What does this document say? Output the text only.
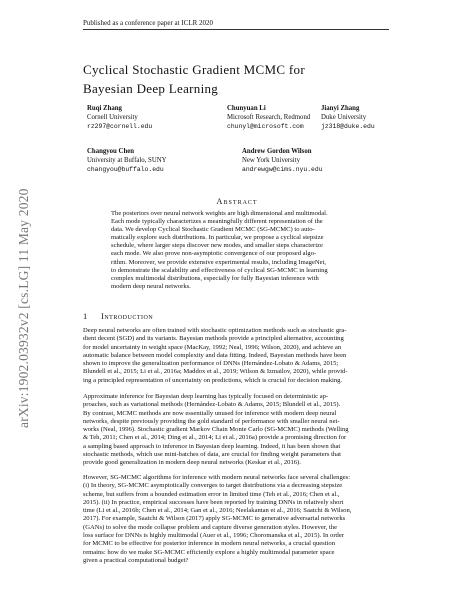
Published as a conference paper at ICLR 2020
arXiv:1902.03932v2 [cs.LG] 11 May 2020
Cyclical Stochastic Gradient MCMC for
Bayesian Deep Learning
Ruqi Zhang
Cornell University
rz297@cornell.edu
Chunyuan Li
Microsoft Research, Redmond
chunyl@microsoft.com
Jianyi Zhang
Duke University
jz318@duke.edu
Changyou Chen
University at Buffalo, SUNY
changyou@buffalo.edu
Andrew Gordon Wilson
New York University
andrewgw@cims.nyu.edu
Abstract
The posteriors over neural network weights are high dimensional and multimodal.
Each mode typically characterizes a meaningfully different representation of the
data. We develop Cyclical Stochastic Gradient MCMC (SG-MCMC) to auto-
matically explore such distributions. In particular, we propose a cyclical stepsize
schedule, where larger steps discover new modes, and smaller steps characterize
each mode. We also prove non-asymptotic convergence of our proposed algo-
rithm. Moreover, we provide extensive experimental results, including ImageNet,
to demonstrate the scalability and effectiveness of cyclical SG-MCMC in learning
complex multimodal distributions, especially for fully Bayesian inference with
modern deep neural networks.
1 Introduction
Deep neural networks are often trained with stochastic optimization methods such as stochastic gra-
dient decent (SGD) and its variants. Bayesian methods provide a principled alternative, accounting
for model uncertainty in weight space (MacKay, 1992; Neal, 1996; Wilson, 2020), and achieve an
automatic balance between model complexity and data fitting. Indeed, Bayesian methods have been
shown to improve the generalization performance of DNNs (Hernández-Lobato & Adams, 2015;
Blundell et al., 2015; Li et al., 2016a; Maddox et al., 2019; Wilson & Izmailov, 2020), while provid-
ing a principled representation of uncertainty on predictions, which is crucial for decision making.
Approximate inference for Bayesian deep learning has typically focused on deterministic ap-
proaches, such as variational methods (Hernández-Lobato & Adams, 2015; Blundell et al., 2015).
By contrast, MCMC methods are now essentially unused for inference with modern deep neural
networks, despite previously providing the gold standard of performance with smaller neural net-
works (Neal, 1996). Stochastic gradient Markov Chain Monte Carlo (SG-MCMC) methods (Welling
& Teh, 2011; Chen et al., 2014; Ding et al., 2014; Li et al., 2016a) provide a promising direction for
a sampling based approach to inference in Bayesian deep learning. Indeed, it has been shown that
stochastic methods, which use mini-batches of data, are crucial for finding weight parameters that
provide good generalization in modern deep neural networks (Keskar et al., 2016).
However, SG-MCMC algorithms for inference with modern neural networks face several challenges:
(i) In theory, SG-MCMC asymptotically converges to target distributions via a decreasing stepsize
scheme, but suffers from a bounded estimation error in limited time (Teh et al., 2016; Chen et al.,
2015). (ii) In practice, empirical successes have been reported by training DNNs in relatively short
time (Li et al., 2016b; Chen et al., 2014; Gan et al., 2016; Neelakantan et al., 2016; Saatchi & Wilson,
2017). For example, Saatchi & Wilson (2017) apply SG-MCMC to generative adversarial networks
(GANs) to solve the mode collapse problem and capture diverse generation styles. However, the
loss surface for DNNs is highly multimodal (Auer et al., 1996; Choromanska et al., 2015). In order
for MCMC to be effective for posterior inference in modern neural networks, a crucial question
remains: how do we make SG-MCMC efficiently explore a highly multimodal parameter space
given a practical computational budget?
